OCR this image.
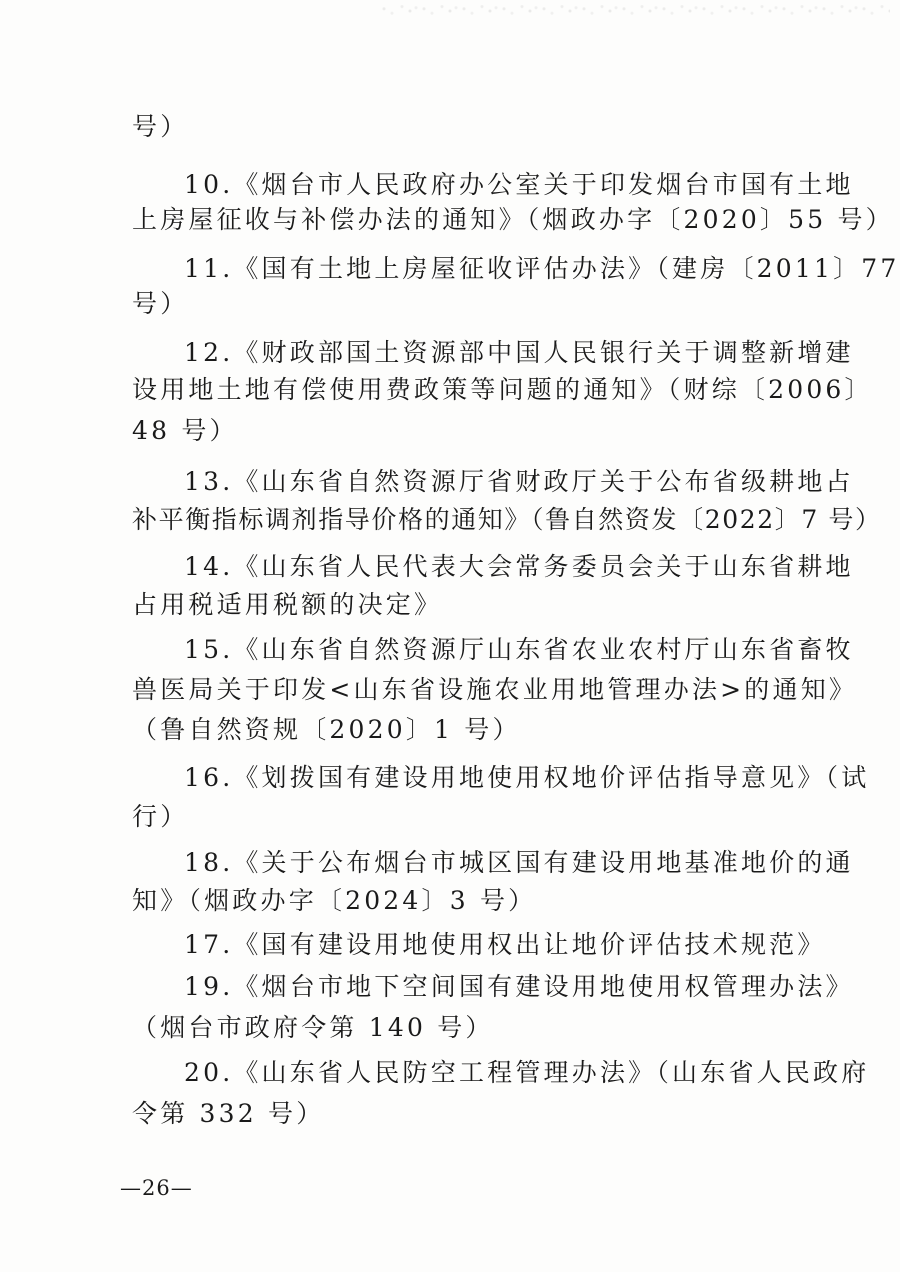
号）
10.《烟台市人民政府办公室关于印发烟台市国有土地
上房屋征收与补偿办法的通知》（烟政办字〔2020〕55 号）
11.《国有土地上房屋征收评估办法》（建房〔2011〕77
号）
12.《财政部国土资源部中国人民银行关于调整新增建
设用地土地有偿使用费政策等问题的通知》（财综〔2006〕
48 号）
13.《山东省自然资源厅省财政厅关于公布省级耕地占
补平衡指标调剂指导价格的通知》（鲁自然资发〔2022〕7 号）
14.《山东省人民代表大会常务委员会关于山东省耕地
占用税适用税额的决定》
15.《山东省自然资源厅山东省农业农村厅山东省畜牧
兽医局关于印发<山东省设施农业用地管理办法>的通知》
（鲁自然资规〔2020〕1 号）
16.《划拨国有建设用地使用权地价评估指导意见》（试
行）
18.《关于公布烟台市城区国有建设用地基准地价的通
知》（烟政办字〔2024〕3 号）
17.《国有建设用地使用权出让地价评估技术规范》
19.《烟台市地下空间国有建设用地使用权管理办法》
（烟台市政府令第 140 号）
20.《山东省人民防空工程管理办法》（山东省人民政府
令第 332 号）
—26—
